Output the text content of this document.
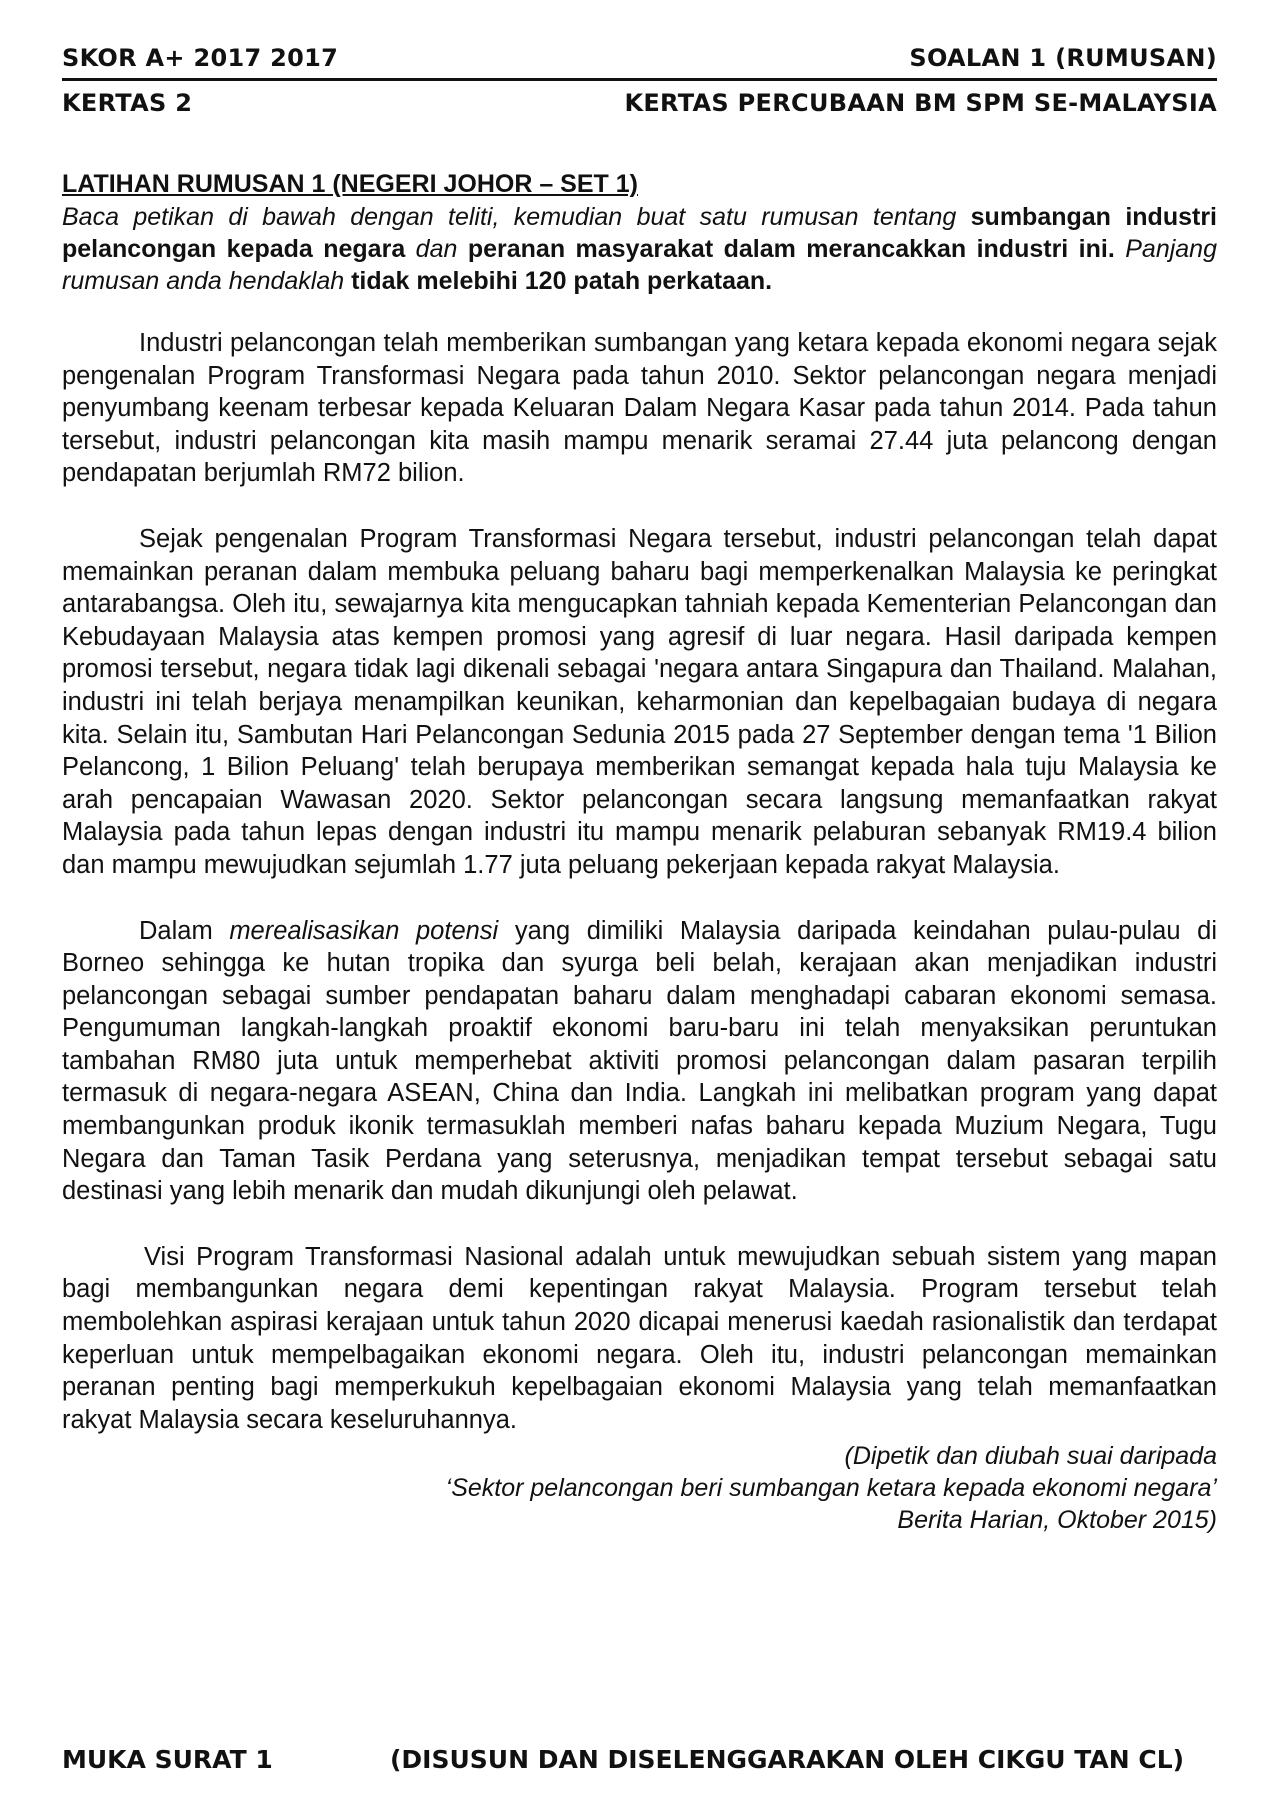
SKOR A+ 2017 2017	SOALAN 1 (RUMUSAN)
KERTAS 2	KERTAS PERCUBAAN BM SPM SE-MALAYSIA
LATIHAN RUMUSAN 1 (NEGERI JOHOR – SET 1)

Baca petikan di bawah dengan teliti, kemudian buat satu rumusan tentang sumbangan industri pelancongan kepada negara dan peranan masyarakat dalam merancakkan industri ini. Panjang rumusan anda hendaklah tidak melebihi 120 patah perkataan.

Industri pelancongan telah memberikan sumbangan yang ketara kepada ekonomi negara sejak pengenalan Program Transformasi Negara pada tahun 2010. Sektor pelancongan negara menjadi penyumbang keenam terbesar kepada Keluaran Dalam Negara Kasar pada tahun 2014. Pada tahun tersebut, industri pelancongan kita masih mampu menarik seramai 27.44 juta pelancong dengan pendapatan berjumlah RM72 bilion.

Sejak pengenalan Program Transformasi Negara tersebut, industri pelancongan telah dapat memainkan peranan dalam membuka peluang baharu bagi memperkenalkan Malaysia ke peringkat antarabangsa. Oleh itu, sewajarnya kita mengucapkan tahniah kepada Kementerian Pelancongan dan Kebudayaan Malaysia atas kempen promosi yang agresif di luar negara. Hasil daripada kempen promosi tersebut, negara tidak lagi dikenali sebagai 'negara antara Singapura dan Thailand. Malahan, industri ini telah berjaya menampilkan keunikan, keharmonian dan kepelbagaian budaya di negara kita. Selain itu, Sambutan Hari Pelancongan Sedunia 2015 pada 27 September dengan tema '1 Bilion Pelancong, 1 Bilion Peluang' telah berupaya memberikan semangat kepada hala tuju Malaysia ke arah pencapaian Wawasan 2020. Sektor pelancongan secara langsung memanfaatkan rakyat Malaysia pada tahun lepas dengan industri itu mampu menarik pelaburan sebanyak RM19.4 bilion dan mampu mewujudkan sejumlah 1.77 juta peluang pekerjaan kepada rakyat Malaysia.

Dalam merealisasikan potensi yang dimiliki Malaysia daripada keindahan pulau-pulau di Borneo sehingga ke hutan tropika dan syurga beli belah, kerajaan akan menjadikan industri pelancongan sebagai sumber pendapatan baharu dalam menghadapi cabaran ekonomi semasa. Pengumuman langkah-langkah proaktif ekonomi baru-baru ini telah menyaksikan peruntukan tambahan RM80 juta untuk memperhebat aktiviti promosi pelancongan dalam pasaran terpilih termasuk di negara-negara ASEAN, China dan India. Langkah ini melibatkan program yang dapat membangunkan produk ikonik termasuklah memberi nafas baharu kepada Muzium Negara, Tugu Negara dan Taman Tasik Perdana yang seterusnya, menjadikan tempat tersebut sebagai satu destinasi yang lebih menarik dan mudah dikunjungi oleh pelawat.

Visi Program Transformasi Nasional adalah untuk mewujudkan sebuah sistem yang mapan bagi membangunkan negara demi kepentingan rakyat Malaysia. Program tersebut telah membolehkan aspirasi kerajaan untuk tahun 2020 dicapai menerusi kaedah rasionalistik dan terdapat keperluan untuk mempelbagaikan ekonomi negara. Oleh itu, industri pelancongan memainkan peranan penting bagi memperkukuh kepelbagaian ekonomi Malaysia yang telah memanfaatkan rakyat Malaysia secara keseluruhannya.

(Dipetik dan diubah suai daripada
‘Sektor pelancongan beri sumbangan ketara kepada ekonomi negara’
Berita Harian, Oktober 2015)
MUKA SURAT 1	(DISUSUN DAN DISELENGGARAKAN OLEH CIKGU TAN CL)
